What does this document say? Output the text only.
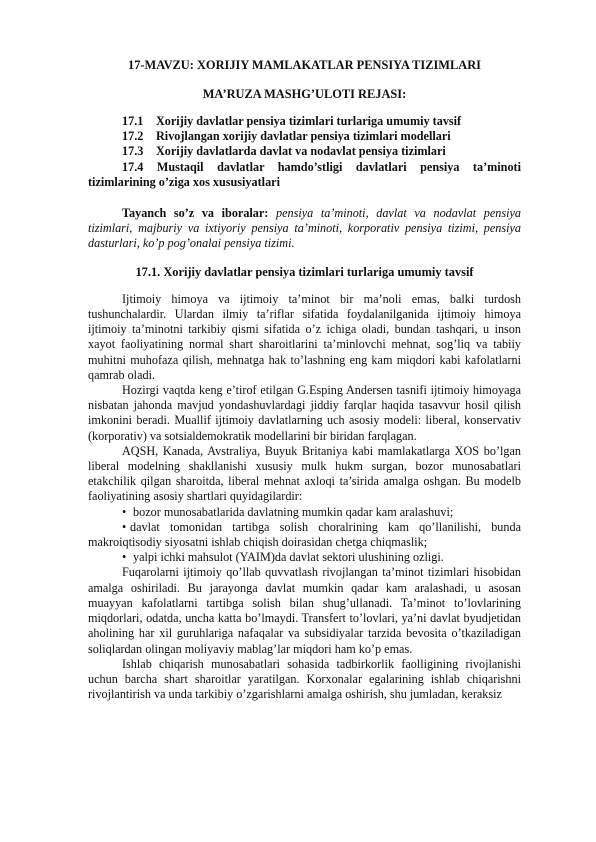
17-MAVZU: XORIJIY MAMLAKATLAR PENSIYA TIZIMLARI
MA’RUZA MASHG’ULOTI REJASI:
17.1 Xorijiy davlatlar pensiya tizimlari turlariga umumiy tavsif
17.2 Rivojlangan xorijiy davlatlar pensiya tizimlari modellari
17.3 Xorijiy davlatlarda davlat va nodavlat pensiya tizimlari
17.4 Mustaqil davlatlar hamdo’stligi davlatlari pensiya ta’minoti tizimlarining o’ziga xos xususiyatlari

Tayanch so’z va iboralar: pensiya ta’minoti, davlat va nodavlat pensiya tizimlari, majburiy va ixtiyoriy pensiya ta’minoti, korporativ pensiya tizimi, pensiya dasturlari, ko’p pog’onalai pensiya tizimi.

17.1. Xorijiy davlatlar pensiya tizimlari turlariga umumiy tavsif

Ijtimoiy himoya va ijtimoiy ta’minot bir ma’noli emas, balki turdosh tushunchalardir. Ulardan ilmiy ta’riflar sifatida foydalanilganida ijtimoiy himoya ijtimoiy ta’minotni tarkibiy qismi sifatida o’z ichiga oladi, bundan tashqari, u inson xayot faoliyatining normal shart sharoitlarini ta’minlovchi mehnat, sog’liq va tabiiy muhitni muhofaza qilish, mehnatga hak to’lashning eng kam miqdori kabi kafolatlarni qamrab oladi.

Hozirgi vaqtda keng e’tirof etilgan G.Esping Andersen tasnifi ijtimoiy himoyaga nisbatan jahonda mavjud yondashuvlardagi jiddiy farqlar haqida tasavvur hosil qilish imkonini beradi. Muallif ijtimoiy davlatlarning uch asosiy modeli: liberal, konservativ (korporativ) va sotsialdemokratik modellarini bir biridan farqlagan.

AQSH, Kanada, Avstraliya, Buyuk Britaniya kabi mamlakatlarga XOS bo’lgan liberal modelning shakllanishi xususiy mulk hukm surgan, bozor munosabatlari etakchilik qilgan sharoitda, liberal mehnat axloqi ta’sirida amalga oshgan. Bu modelb faoliyatining asosiy shartlari quyidagilardir:

• bozor munosabatlarida davlatning mumkin qadar kam aralashuvi;

• davlat tomonidan tartibga solish choralrining kam qo’llanilishi, bunda makroiqtisodiy siyosatni ishlab chiqish doirasidan chetga chiqmaslik;

• yalpi ichki mahsulot (YAIM)da davlat sektori ulushining ozligi.

Fuqarolarni ijtimoiy qo’llab quvvatlash rivojlangan ta’minot tizimlari hisobidan amalga oshiriladi. Bu jarayonga davlat mumkin qadar kam aralashadi, u asosan muayyan kafolatlarni tartibga solish bilan shug’ullanadi. Ta’minot to’lovlarining miqdorlari, odatda, uncha katta bo’lmaydi. Transfert to’lovlari, ya’ni davlat byudjetidan aholining har xil guruhlariga nafaqalar va subsidiyalar tarzida bevosita o’tkaziladigan soliqlardan olingan moliyaviy mablag’lar miqdori ham ko’p emas.

Ishlab chiqarish munosabatlari sohasida tadbirkorlik faolligining rivojlanishi uchun barcha shart sharoitlar yaratilgan. Korxonalar egalarining ishlab chiqarishni rivojlantirish va unda tarkibiy o’zgarishlarni amalga oshirish, shu jumladan, keraksiz
